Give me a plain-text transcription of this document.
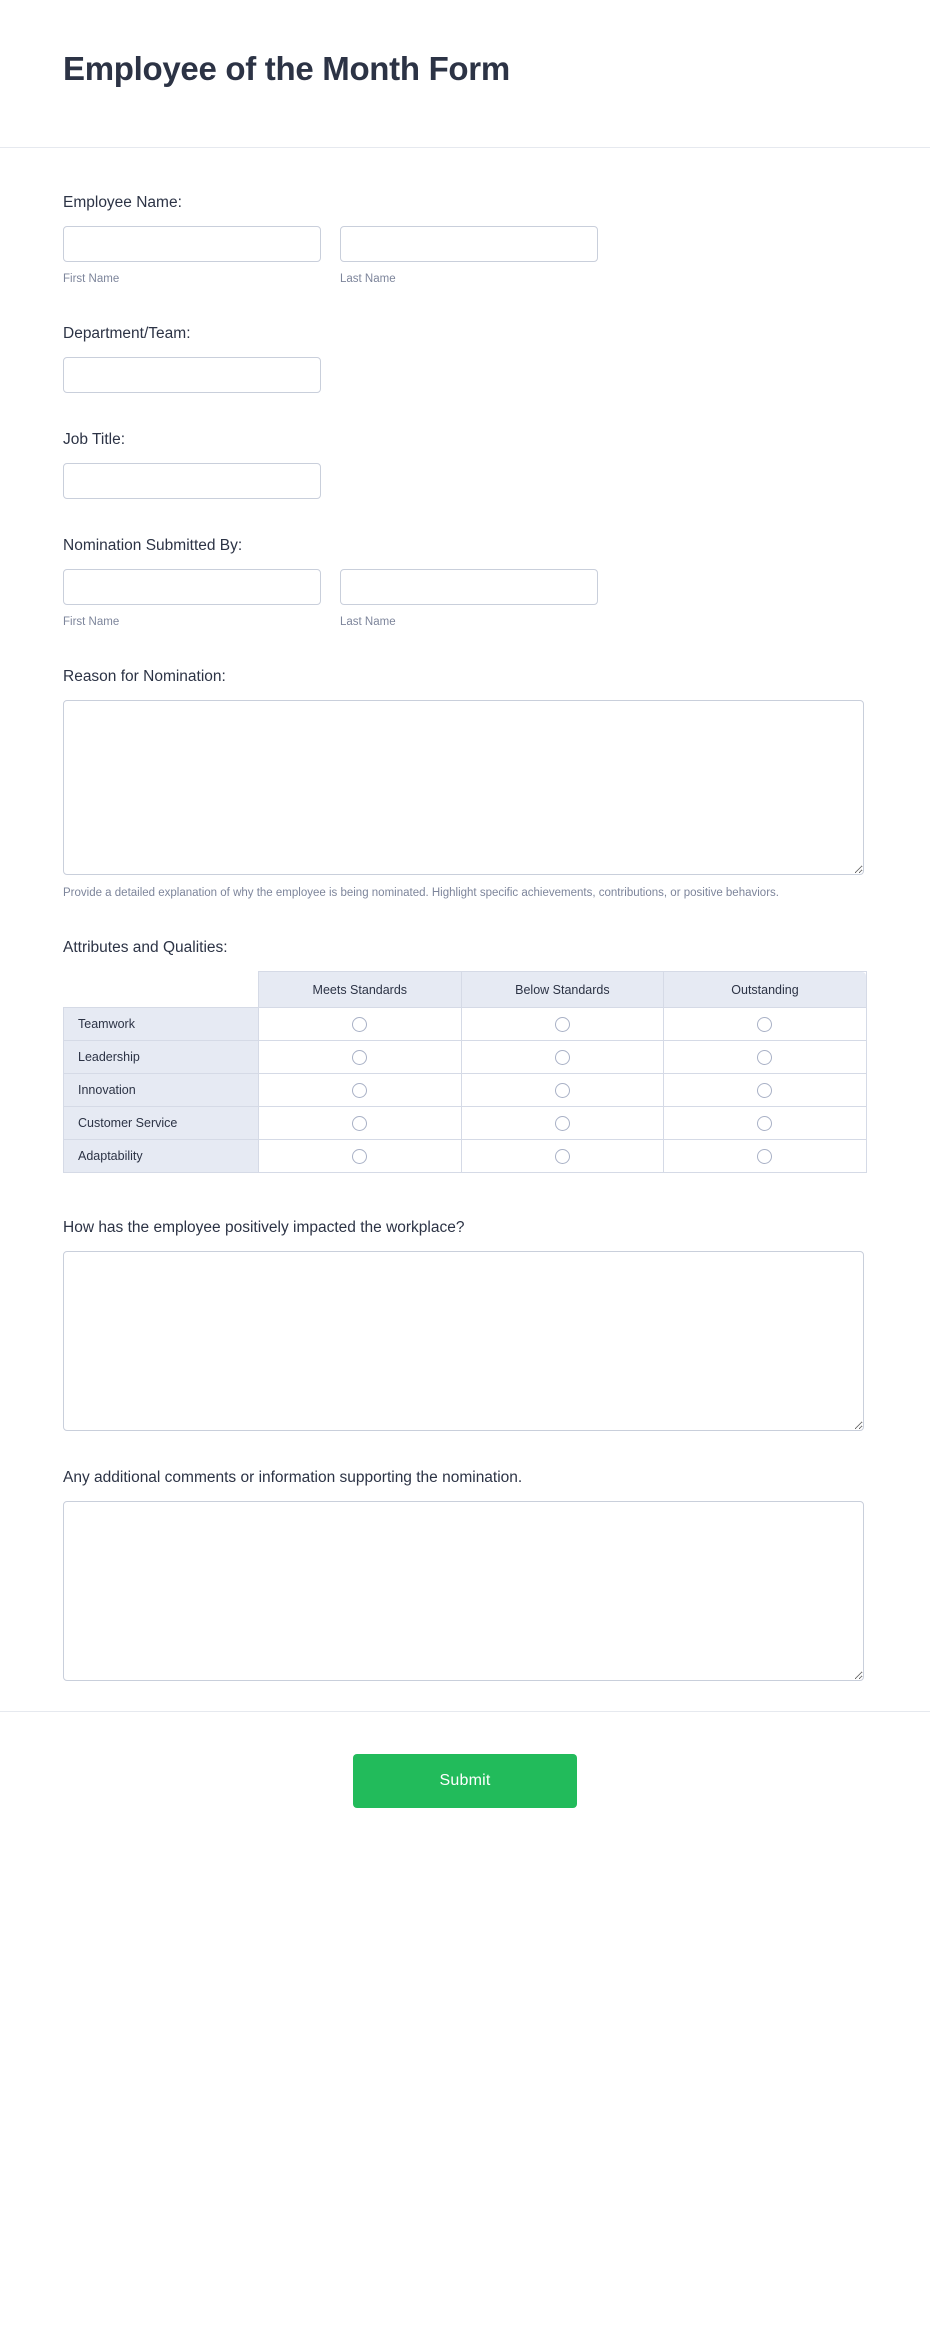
Employee of the Month Form
Employee Name:
First Name	Last Name
Department/Team:
Job Title:
Nomination Submitted By:
First Name	Last Name
Reason for Nomination:
Provide a detailed explanation of why the employee is being nominated. Highlight specific achievements, contributions, or positive behaviors.
Attributes and Qualities:
	Meets Standards	Below Standards	Outstanding
Teamwork			
Leadership			
Innovation			
Customer Service			
Adaptability			
How has the employee positively impacted the workplace?
Any additional comments or information supporting the nomination.
Submit
